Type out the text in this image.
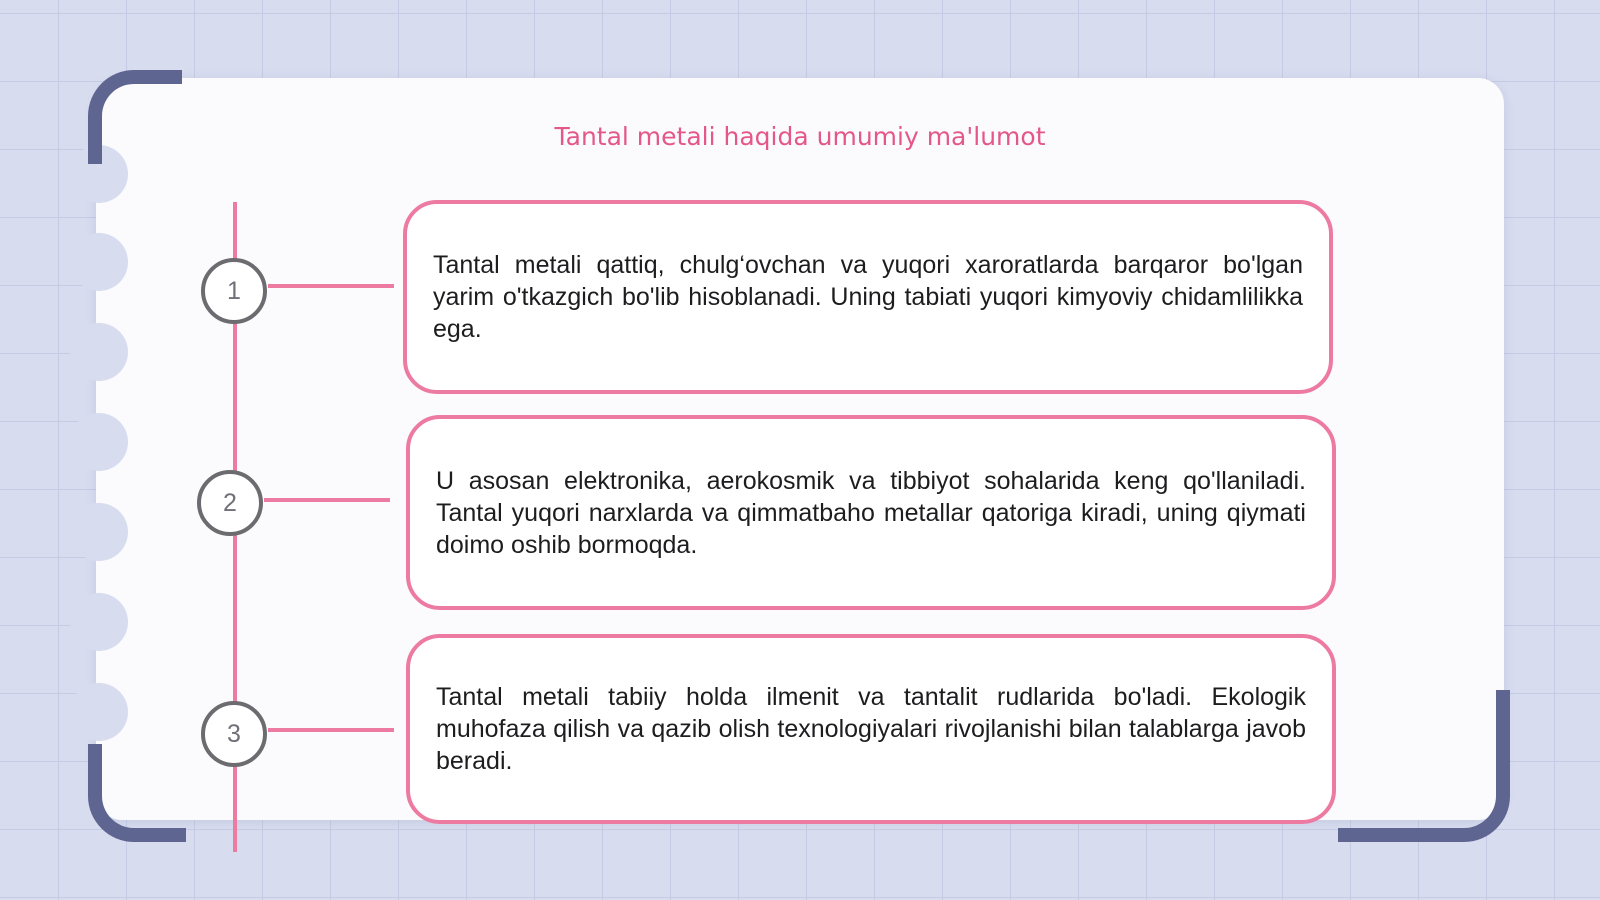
Tantal metali haqida umumiy ma'lumot
1
2
3

Tantal metali qattiq, chulg‘ovchan va yuqori xaroratlarda barqaror bo'lgan yarim o'tkazgich bo'lib hisoblanadi. Uning tabiati yuqori kimyoviy chidamlilikka ega.

U asosan elektronika, aerokosmik va tibbiyot sohalarida keng qo'llaniladi. Tantal yuqori narxlarda va qimmatbaho metallar qatoriga kiradi, uning qiymati doimo oshib bormoqda.

Tantal metali tabiiy holda ilmenit va tantalit rudlarida bo'ladi. Ekologik muhofaza qilish va qazib olish texnologiyalari rivojlanishi bilan talablarga javob beradi.
